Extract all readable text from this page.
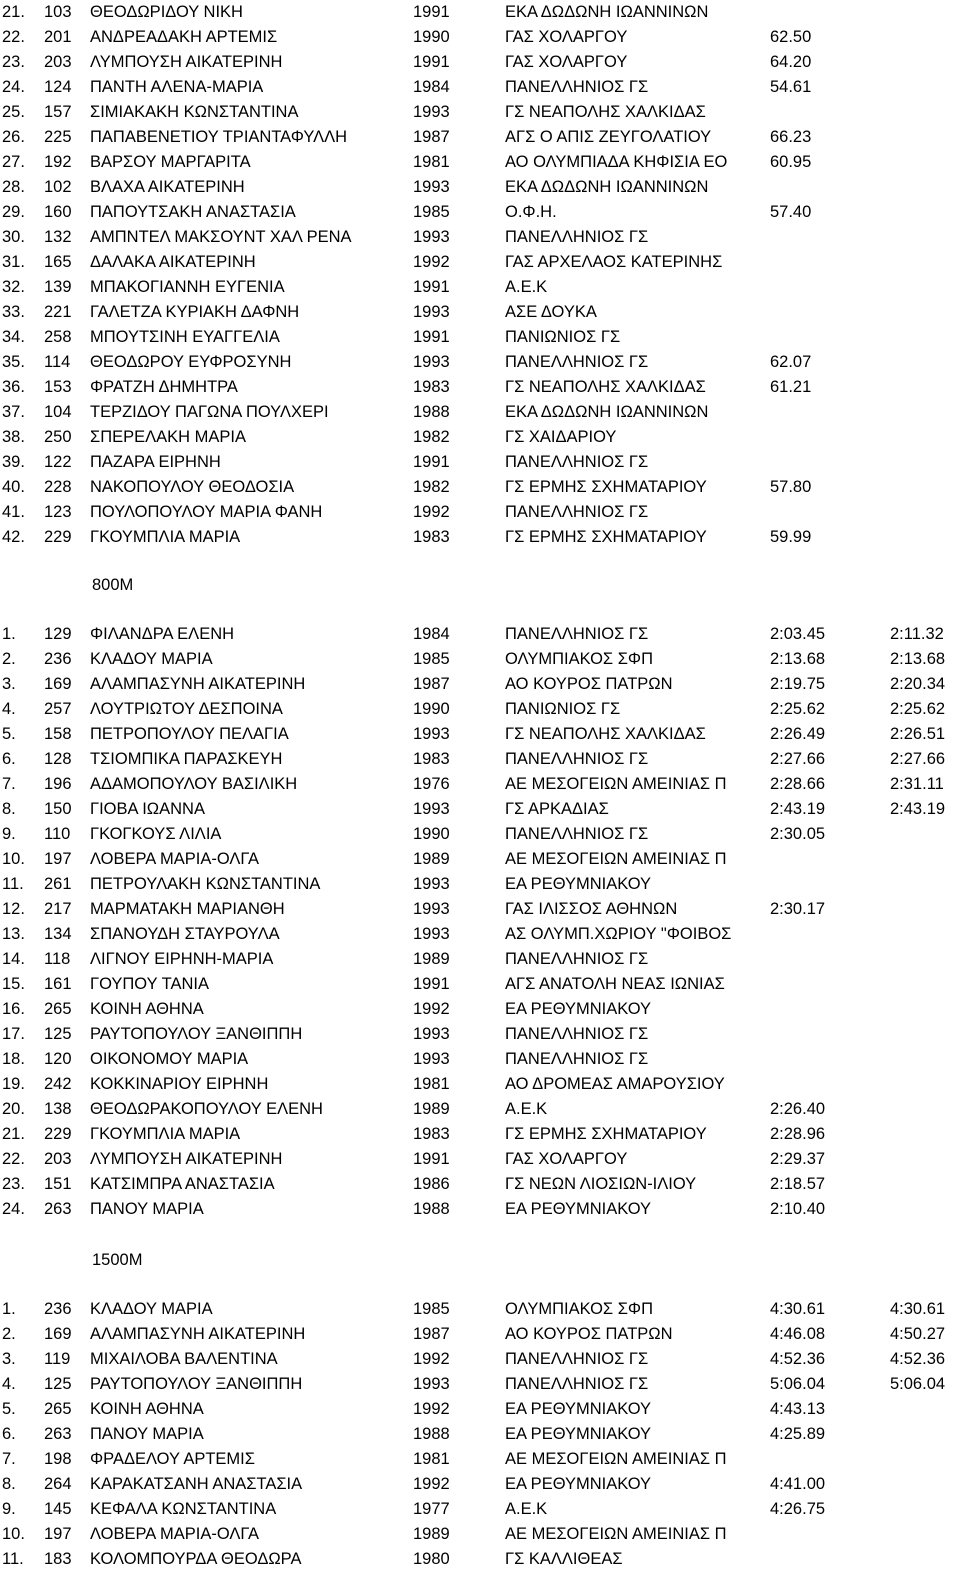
800M
1500M
21. 103 ΘΕΟΔΩΡΙΔΟΥ ΝΙΚΗ	1991	ΕΚΑ ΔΩΔΩΝΗ ΙΩΑΝΝΙΝΩΝ
22. 201 ΑΝΔΡΕΑΔΑΚΗ ΑΡΤΕΜΙΣ	1990	ΓΑΣ ΧΟΛΑΡΓΟΥ	62.50
23. 203 ΛΥΜΠΟΥΣΗ ΑΙΚΑΤΕΡΙΝΗ	1991	ΓΑΣ ΧΟΛΑΡΓΟΥ	64.20
24. 124 ΠΑΝΤΗ ΑΛΕΝΑ-ΜΑΡΙΑ	1984	ΠΑΝΕΛΛΗΝΙΟΣ ΓΣ	54.61
25. 157 ΣΙΜΙΑΚΑΚΗ ΚΩΝΣΤΑΝΤΙΝΑ	1993	ΓΣ ΝΕΑΠΟΛΗΣ ΧΑΛΚΙΔΑΣ
26. 225 ΠΑΠΑΒΕΝΕΤΙΟΥ ΤΡΙΑΝΤΑΦΥΛΛΗ	1987	ΑΓΣ Ο ΑΠΙΣ ΖΕΥΓΟΛΑΤΙΟΥ	66.23
27. 192 ΒΑΡΣΟΥ ΜΑΡΓΑΡΙΤΑ	1981	ΑΟ ΟΛΥΜΠΙΑΔΑ ΚΗΦΙΣΙΑ ΕΟ	60.95
28. 102 ΒΛΑΧΑ ΑΙΚΑΤΕΡΙΝΗ	1993	ΕΚΑ ΔΩΔΩΝΗ ΙΩΑΝΝΙΝΩΝ
29. 160 ΠΑΠΟΥΤΣΑΚΗ ΑΝΑΣΤΑΣΙΑ	1985	Ο.Φ.Η.	57.40
30. 132 ΑΜΠΝΤΕΛ ΜΑΚΣΟΥΝΤ ΧΑΛ ΡΕΝΑ	1993	ΠΑΝΕΛΛΗΝΙΟΣ ΓΣ
31. 165 ΔΑΛΑΚΑ ΑΙΚΑΤΕΡΙΝΗ	1992	ΓΑΣ ΑΡΧΕΛΑΟΣ ΚΑΤΕΡΙΝΗΣ
32. 139 ΜΠΑΚΟΓΙΑΝΝΗ ΕΥΓΕΝΙΑ	1991	Α.Ε.Κ
33. 221 ΓΑΛΕΤΖΑ ΚΥΡΙΑΚΗ ΔΑΦΝΗ	1993	ΑΣΕ ΔΟΥΚΑ
34. 258 ΜΠΟΥΤΣΙΝΗ ΕΥΑΓΓΕΛΙΑ	1991	ΠΑΝΙΩΝΙΟΣ ΓΣ
35. 114 ΘΕΟΔΩΡΟΥ ΕΥΦΡΟΣΥΝΗ	1993	ΠΑΝΕΛΛΗΝΙΟΣ ΓΣ	62.07
36. 153 ΦΡΑΤΖΗ ΔΗΜΗΤΡΑ	1983	ΓΣ ΝΕΑΠΟΛΗΣ ΧΑΛΚΙΔΑΣ	61.21
37. 104 ΤΕΡΖΙΔΟΥ ΠΑΓΩΝΑ ΠΟΥΛΧΕΡΙ	1988	ΕΚΑ ΔΩΔΩΝΗ ΙΩΑΝΝΙΝΩΝ
38. 250 ΣΠΕΡΕΛΑΚΗ ΜΑΡΙΑ	1982	ΓΣ ΧΑΙΔΑΡΙΟΥ
39. 122 ΠΑΖΑΡΑ ΕΙΡΗΝΗ	1991	ΠΑΝΕΛΛΗΝΙΟΣ ΓΣ
40. 228 ΝΑΚΟΠΟΥΛΟΥ ΘΕΟΔΟΣΙΑ	1982	ΓΣ ΕΡΜΗΣ ΣΧΗΜΑΤΑΡΙΟΥ	57.80
41. 123 ΠΟΥΛΟΠΟΥΛΟΥ ΜΑΡΙΑ ΦΑΝΗ	1992	ΠΑΝΕΛΛΗΝΙΟΣ ΓΣ
42. 229 ΓΚΟΥΜΠΛΙΑ ΜΑΡΙΑ	1983	ΓΣ ΕΡΜΗΣ ΣΧΗΜΑΤΑΡΙΟΥ	59.99
1. 129 ΦΙΛΑΝΔΡΑ ΕΛΕΝΗ	1984	ΠΑΝΕΛΛΗΝΙΟΣ ΓΣ	2:03.45	2:11.32
2. 236 ΚΛΑΔΟΥ ΜΑΡΙΑ	1985	ΟΛΥΜΠΙΑΚΟΣ ΣΦΠ	2:13.68	2:13.68
3. 169 ΑΛΑΜΠΑΣΥΝΗ ΑΙΚΑΤΕΡΙΝΗ	1987	ΑΟ ΚΟΥΡΟΣ ΠΑΤΡΩΝ	2:19.75	2:20.34
4. 257 ΛΟΥΤΡΙΩΤΟΥ ΔΕΣΠΟΙΝΑ	1990	ΠΑΝΙΩΝΙΟΣ ΓΣ	2:25.62	2:25.62
5. 158 ΠΕΤΡΟΠΟΥΛΟΥ ΠΕΛΑΓΙΑ	1993	ΓΣ ΝΕΑΠΟΛΗΣ ΧΑΛΚΙΔΑΣ	2:26.49	2:26.51
6. 128 ΤΣΙΟΜΠΙΚΑ ΠΑΡΑΣΚΕΥΗ	1983	ΠΑΝΕΛΛΗΝΙΟΣ ΓΣ	2:27.66	2:27.66
7. 196 ΑΔΑΜΟΠΟΥΛΟΥ ΒΑΣΙΛΙΚΗ	1976	ΑΕ ΜΕΣΟΓΕΙΩΝ ΑΜΕΙΝΙΑΣ Π	2:28.66	2:31.11
8. 150 ΓΙΟΒΑ ΙΩΑΝΝΑ	1993	ΓΣ ΑΡΚΑΔΙΑΣ	2:43.19	2:43.19
9. 110 ΓΚΟΓΚΟΥΣ ΛΙΛΙΑ	1990	ΠΑΝΕΛΛΗΝΙΟΣ ΓΣ	2:30.05
10. 197 ΛΟΒΕΡΑ ΜΑΡΙΑ-ΟΛΓΑ	1989	ΑΕ ΜΕΣΟΓΕΙΩΝ ΑΜΕΙΝΙΑΣ Π
11. 261 ΠΕΤΡΟΥΛΑΚΗ ΚΩΝΣΤΑΝΤΙΝΑ	1993	ΕΑ ΡΕΘΥΜΝΙΑΚΟΥ
12. 217 ΜΑΡΜΑΤΑΚΗ ΜΑΡΙΑΝΘΗ	1993	ΓΑΣ ΙΛΙΣΣΟΣ ΑΘΗΝΩΝ	2:30.17
13. 134 ΣΠΑΝΟΥΔΗ ΣΤΑΥΡΟΥΛΑ	1993	ΑΣ ΟΛΥΜΠ.ΧΩΡΙΟΥ "ΦΟΙΒΟΣ
14. 118 ΛΙΓΝΟΥ ΕΙΡΗΝΗ-ΜΑΡΙΑ	1989	ΠΑΝΕΛΛΗΝΙΟΣ ΓΣ
15. 161 ΓΟΥΠΟΥ ΤΑΝΙΑ	1991	ΑΓΣ ΑΝΑΤΟΛΗ ΝΕΑΣ ΙΩΝΙΑΣ
16. 265 ΚΟΙΝΗ ΑΘΗΝΑ	1992	ΕΑ ΡΕΘΥΜΝΙΑΚΟΥ
17. 125 ΡΑΥΤΟΠΟΥΛΟΥ ΞΑΝΘΙΠΠΗ	1993	ΠΑΝΕΛΛΗΝΙΟΣ ΓΣ
18. 120 ΟΙΚΟΝΟΜΟΥ ΜΑΡΙΑ	1993	ΠΑΝΕΛΛΗΝΙΟΣ ΓΣ
19. 242 ΚΟΚΚΙΝΑΡΙΟΥ ΕΙΡΗΝΗ	1981	ΑΟ ΔΡΟΜΕΑΣ ΑΜΑΡΟΥΣΙΟΥ
20. 138 ΘΕΟΔΩΡΑΚΟΠΟΥΛΟΥ ΕΛΕΝΗ	1989	Α.Ε.Κ	2:26.40
21. 229 ΓΚΟΥΜΠΛΙΑ ΜΑΡΙΑ	1983	ΓΣ ΕΡΜΗΣ ΣΧΗΜΑΤΑΡΙΟΥ	2:28.96
22. 203 ΛΥΜΠΟΥΣΗ ΑΙΚΑΤΕΡΙΝΗ	1991	ΓΑΣ ΧΟΛΑΡΓΟΥ	2:29.37
23. 151 ΚΑΤΣΙΜΠΡΑ ΑΝΑΣΤΑΣΙΑ	1986	ΓΣ ΝΕΩΝ ΛΙΟΣΙΩΝ-ΙΛΙΟΥ	2:18.57
24. 263 ΠΑΝΟΥ ΜΑΡΙΑ	1988	ΕΑ ΡΕΘΥΜΝΙΑΚΟΥ	2:10.40
1. 236 ΚΛΑΔΟΥ ΜΑΡΙΑ	1985	ΟΛΥΜΠΙΑΚΟΣ ΣΦΠ	4:30.61	4:30.61
2. 169 ΑΛΑΜΠΑΣΥΝΗ ΑΙΚΑΤΕΡΙΝΗ	1987	ΑΟ ΚΟΥΡΟΣ ΠΑΤΡΩΝ	4:46.08	4:50.27
3. 119 ΜΙΧΑΙΛΟΒΑ ΒΑΛΕΝΤΙΝΑ	1992	ΠΑΝΕΛΛΗΝΙΟΣ ΓΣ	4:52.36	4:52.36
4. 125 ΡΑΥΤΟΠΟΥΛΟΥ ΞΑΝΘΙΠΠΗ	1993	ΠΑΝΕΛΛΗΝΙΟΣ ΓΣ	5:06.04	5:06.04
5. 265 ΚΟΙΝΗ ΑΘΗΝΑ	1992	ΕΑ ΡΕΘΥΜΝΙΑΚΟΥ	4:43.13
6. 263 ΠΑΝΟΥ ΜΑΡΙΑ	1988	ΕΑ ΡΕΘΥΜΝΙΑΚΟΥ	4:25.89
7. 198 ΦΡΑΔΕΛΟΥ ΑΡΤΕΜΙΣ	1981	ΑΕ ΜΕΣΟΓΕΙΩΝ ΑΜΕΙΝΙΑΣ Π
8. 264 ΚΑΡΑΚΑΤΣΑΝΗ ΑΝΑΣΤΑΣΙΑ	1992	ΕΑ ΡΕΘΥΜΝΙΑΚΟΥ	4:41.00
9. 145 ΚΕΦΑΛΑ ΚΩΝΣΤΑΝΤΙΝΑ	1977	Α.Ε.Κ	4:26.75
10. 197 ΛΟΒΕΡΑ ΜΑΡΙΑ-ΟΛΓΑ	1989	ΑΕ ΜΕΣΟΓΕΙΩΝ ΑΜΕΙΝΙΑΣ Π
11. 183 ΚΟΛΟΜΠΟΥΡΔΑ ΘΕΟΔΩΡΑ	1980	ΓΣ ΚΑΛΛΙΘΕΑΣ
